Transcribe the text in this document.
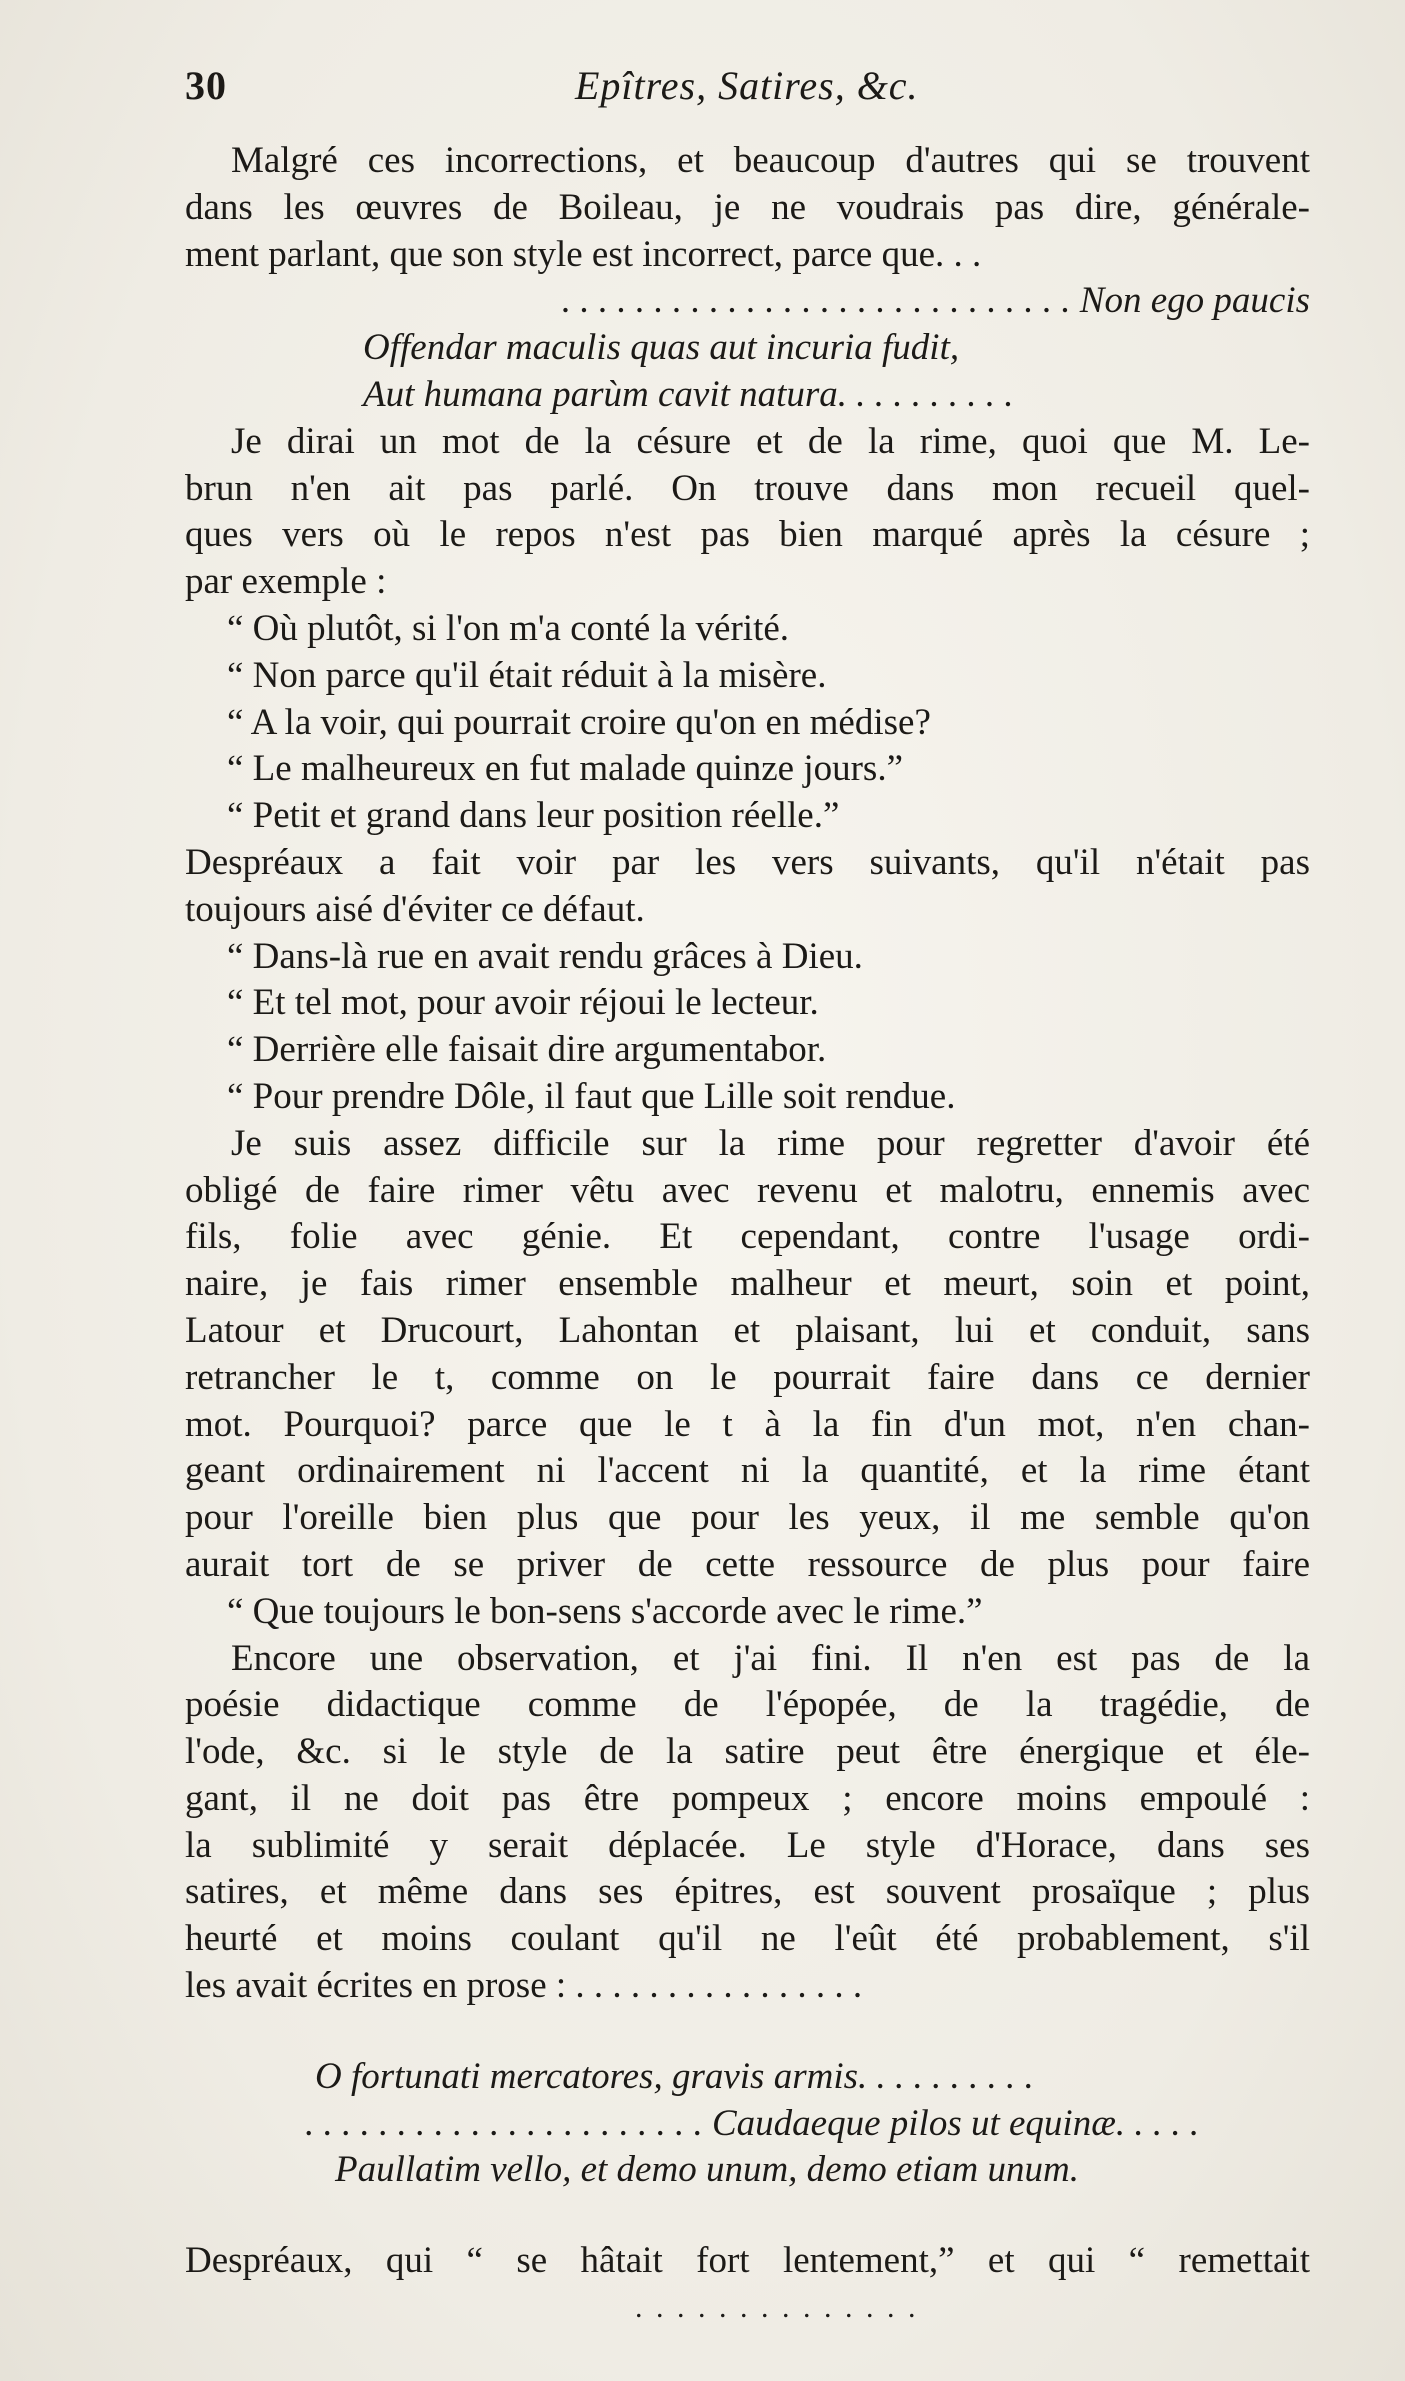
30	Epîtres, Satires, &c.
Malgré ces incorrections, et beaucoup d'autres qui se trouvent
dans les œuvres de Boileau, je ne voudrais pas dire, générale-
ment parlant, que son style est incorrect, parce que. . .
. . . . . . . . . . . . . . . . . . . . . . . . . . . . Non ego paucis
Offendar maculis quas aut incuria fudit,
Aut humana parùm cavit natura. . . . . . . . . .
Je dirai un mot de la césure et de la rime, quoi que M. Le-
brun n'en ait pas parlé. On trouve dans mon recueil quel-
ques vers où le repos n'est pas bien marqué après la césure ;
par exemple :
“ Où plutôt, si l'on m'a conté la vérité.
“ Non parce qu'il était réduit à la misère.
“ A la voir, qui pourrait croire qu'on en médise?
“ Le malheureux en fut malade quinze jours.”
“ Petit et grand dans leur position réelle.”
Despréaux a fait voir par les vers suivants, qu'il n'était pas
toujours aisé d'éviter ce défaut.
“ Dans-là rue en avait rendu grâces à Dieu.
“ Et tel mot, pour avoir réjoui le lecteur.
“ Derrière elle faisait dire argumentabor.
“ Pour prendre Dôle, il faut que Lille soit rendue.
Je suis assez difficile sur la rime pour regretter d'avoir été
obligé de faire rimer vêtu avec revenu et malotru, ennemis avec
fils, folie avec génie. Et cependant, contre l'usage ordi-
naire, je fais rimer ensemble malheur et meurt, soin et point,
Latour et Drucourt, Lahontan et plaisant, lui et conduit, sans
retrancher le t, comme on le pourrait faire dans ce dernier
mot. Pourquoi? parce que le t à la fin d'un mot, n'en chan-
geant ordinairement ni l'accent ni la quantité, et la rime étant
pour l'oreille bien plus que pour les yeux, il me semble qu'on
aurait tort de se priver de cette ressource de plus pour faire
“ Que toujours le bon-sens s'accorde avec le rime.”
Encore une observation, et j'ai fini. Il n'en est pas de la
poésie didactique comme de l'épopée, de la tragédie, de
l'ode, &c. si le style de la satire peut être énergique et éle-
gant, il ne doit pas être pompeux ; encore moins empoulé :
la sublimité y serait déplacée. Le style d'Horace, dans ses
satires, et même dans ses épitres, est souvent prosaïque ; plus
heurté et moins coulant qu'il ne l'eût été probablement, s'il
les avait écrites en prose : . . . . . . . . . . . . . . . .
O fortunati mercatores, gravis armis. . . . . . . . . .
. . . . . . . . . . . . . . . . . . . . . . Caudaeque pilos ut equinæ. . . . .
Paullatim vello, et demo unum, demo etiam unum.
Despréaux, qui “ se hâtait fort lentement,” et qui “ remettait
. . . . . . . . . . . . . .
